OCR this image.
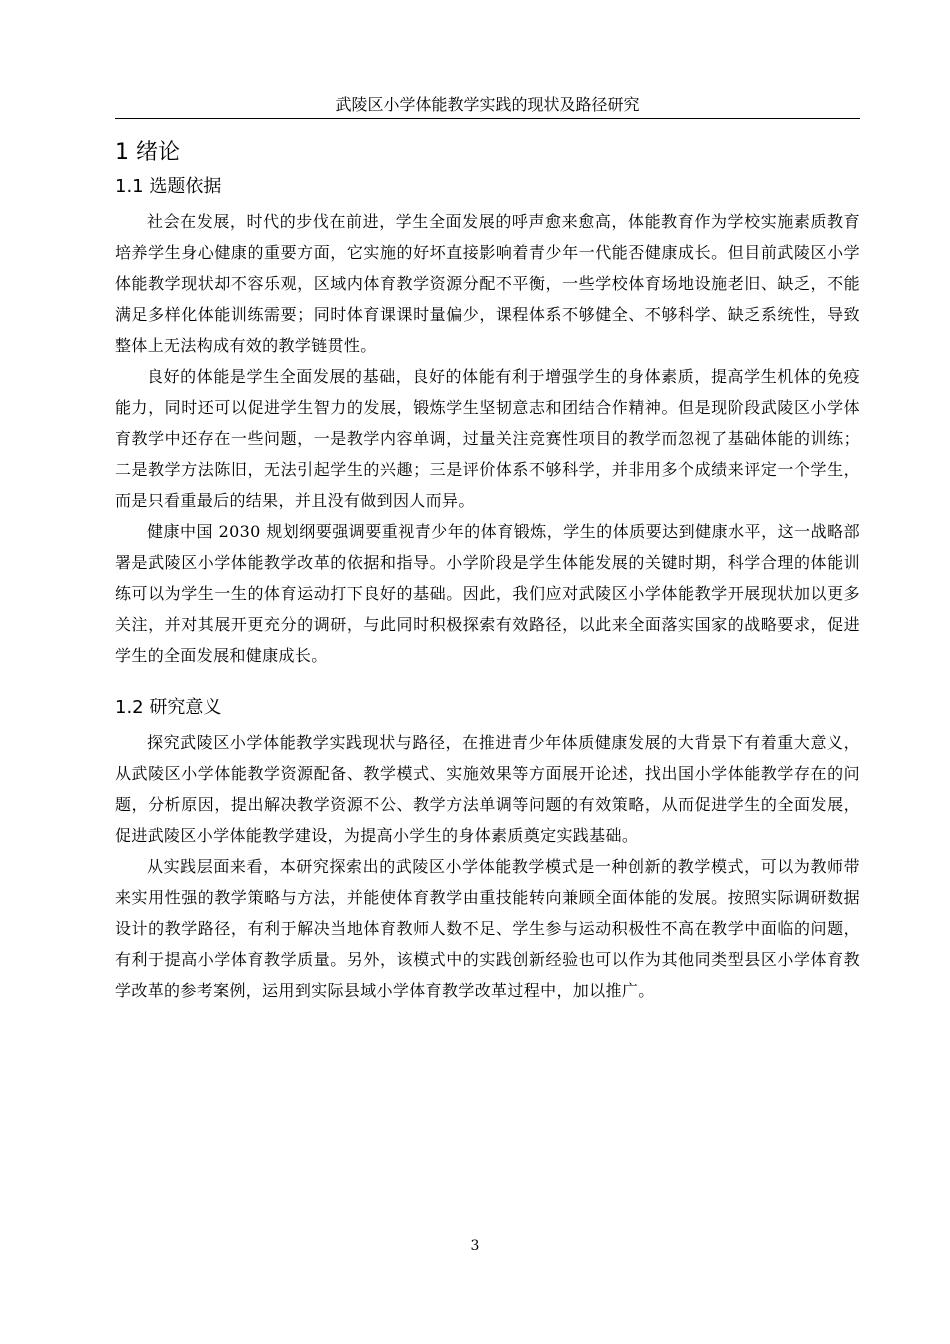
武陵区小学体能教学实践的现状及路径研究
1 绪论
1.1 选题依据

社会在发展，时代的步伐在前进，学生全面发展的呼声愈来愈高，体能教育作为学校实施素质教育培养学生身心健康的重要方面，它实施的好坏直接影响着青少年一代能否健康成长。但目前武陵区小学体能教学现状却不容乐观，区域内体育教学资源分配不平衡，一些学校体育场地设施老旧、缺乏，不能满足多样化体能训练需要；同时体育课课时量偏少，课程体系不够健全、不够科学、缺乏系统性，导致整体上无法构成有效的教学链贯性。

良好的体能是学生全面发展的基础，良好的体能有利于增强学生的身体素质，提高学生机体的免疫能力，同时还可以促进学生智力的发展，锻炼学生坚韧意志和团结合作精神。但是现阶段武陵区小学体育教学中还存在一些问题，一是教学内容单调，过量关注竞赛性项目的教学而忽视了基础体能的训练；二是教学方法陈旧，无法引起学生的兴趣；三是评价体系不够科学，并非用多个成绩来评定一个学生，而是只看重最后的结果，并且没有做到因人而异。

健康中国 2030 规划纲要强调要重视青少年的体育锻炼，学生的体质要达到健康水平，这一战略部署是武陵区小学体能教学改革的依据和指导。小学阶段是学生体能发展的关键时期，科学合理的体能训练可以为学生一生的体育运动打下良好的基础。因此，我们应对武陵区小学体能教学开展现状加以更多关注，并对其展开更充分的调研，与此同时积极探索有效路径，以此来全面落实国家的战略要求，促进学生的全面发展和健康成长。

1.2 研究意义

探究武陵区小学体能教学实践现状与路径，在推进青少年体质健康发展的大背景下有着重大意义，从武陵区小学体能教学资源配备、教学模式、实施效果等方面展开论述，找出国小学体能教学存在的问题，分析原因，提出解决教学资源不公、教学方法单调等问题的有效策略，从而促进学生的全面发展，促进武陵区小学体能教学建设，为提高小学生的身体素质奠定实践基础。

从实践层面来看，本研究探索出的武陵区小学体能教学模式是一种创新的教学模式，可以为教师带来实用性强的教学策略与方法，并能使体育教学由重技能转向兼顾全面体能的发展。按照实际调研数据设计的教学路径，有利于解决当地体育教师人数不足、学生参与运动积极性不高在教学中面临的问题，有利于提高小学体育教学质量。另外，该模式中的实践创新经验也可以作为其他同类型县区小学体育教学改革的参考案例，运用到实际县域小学体育教学改革过程中，加以推广。

3
